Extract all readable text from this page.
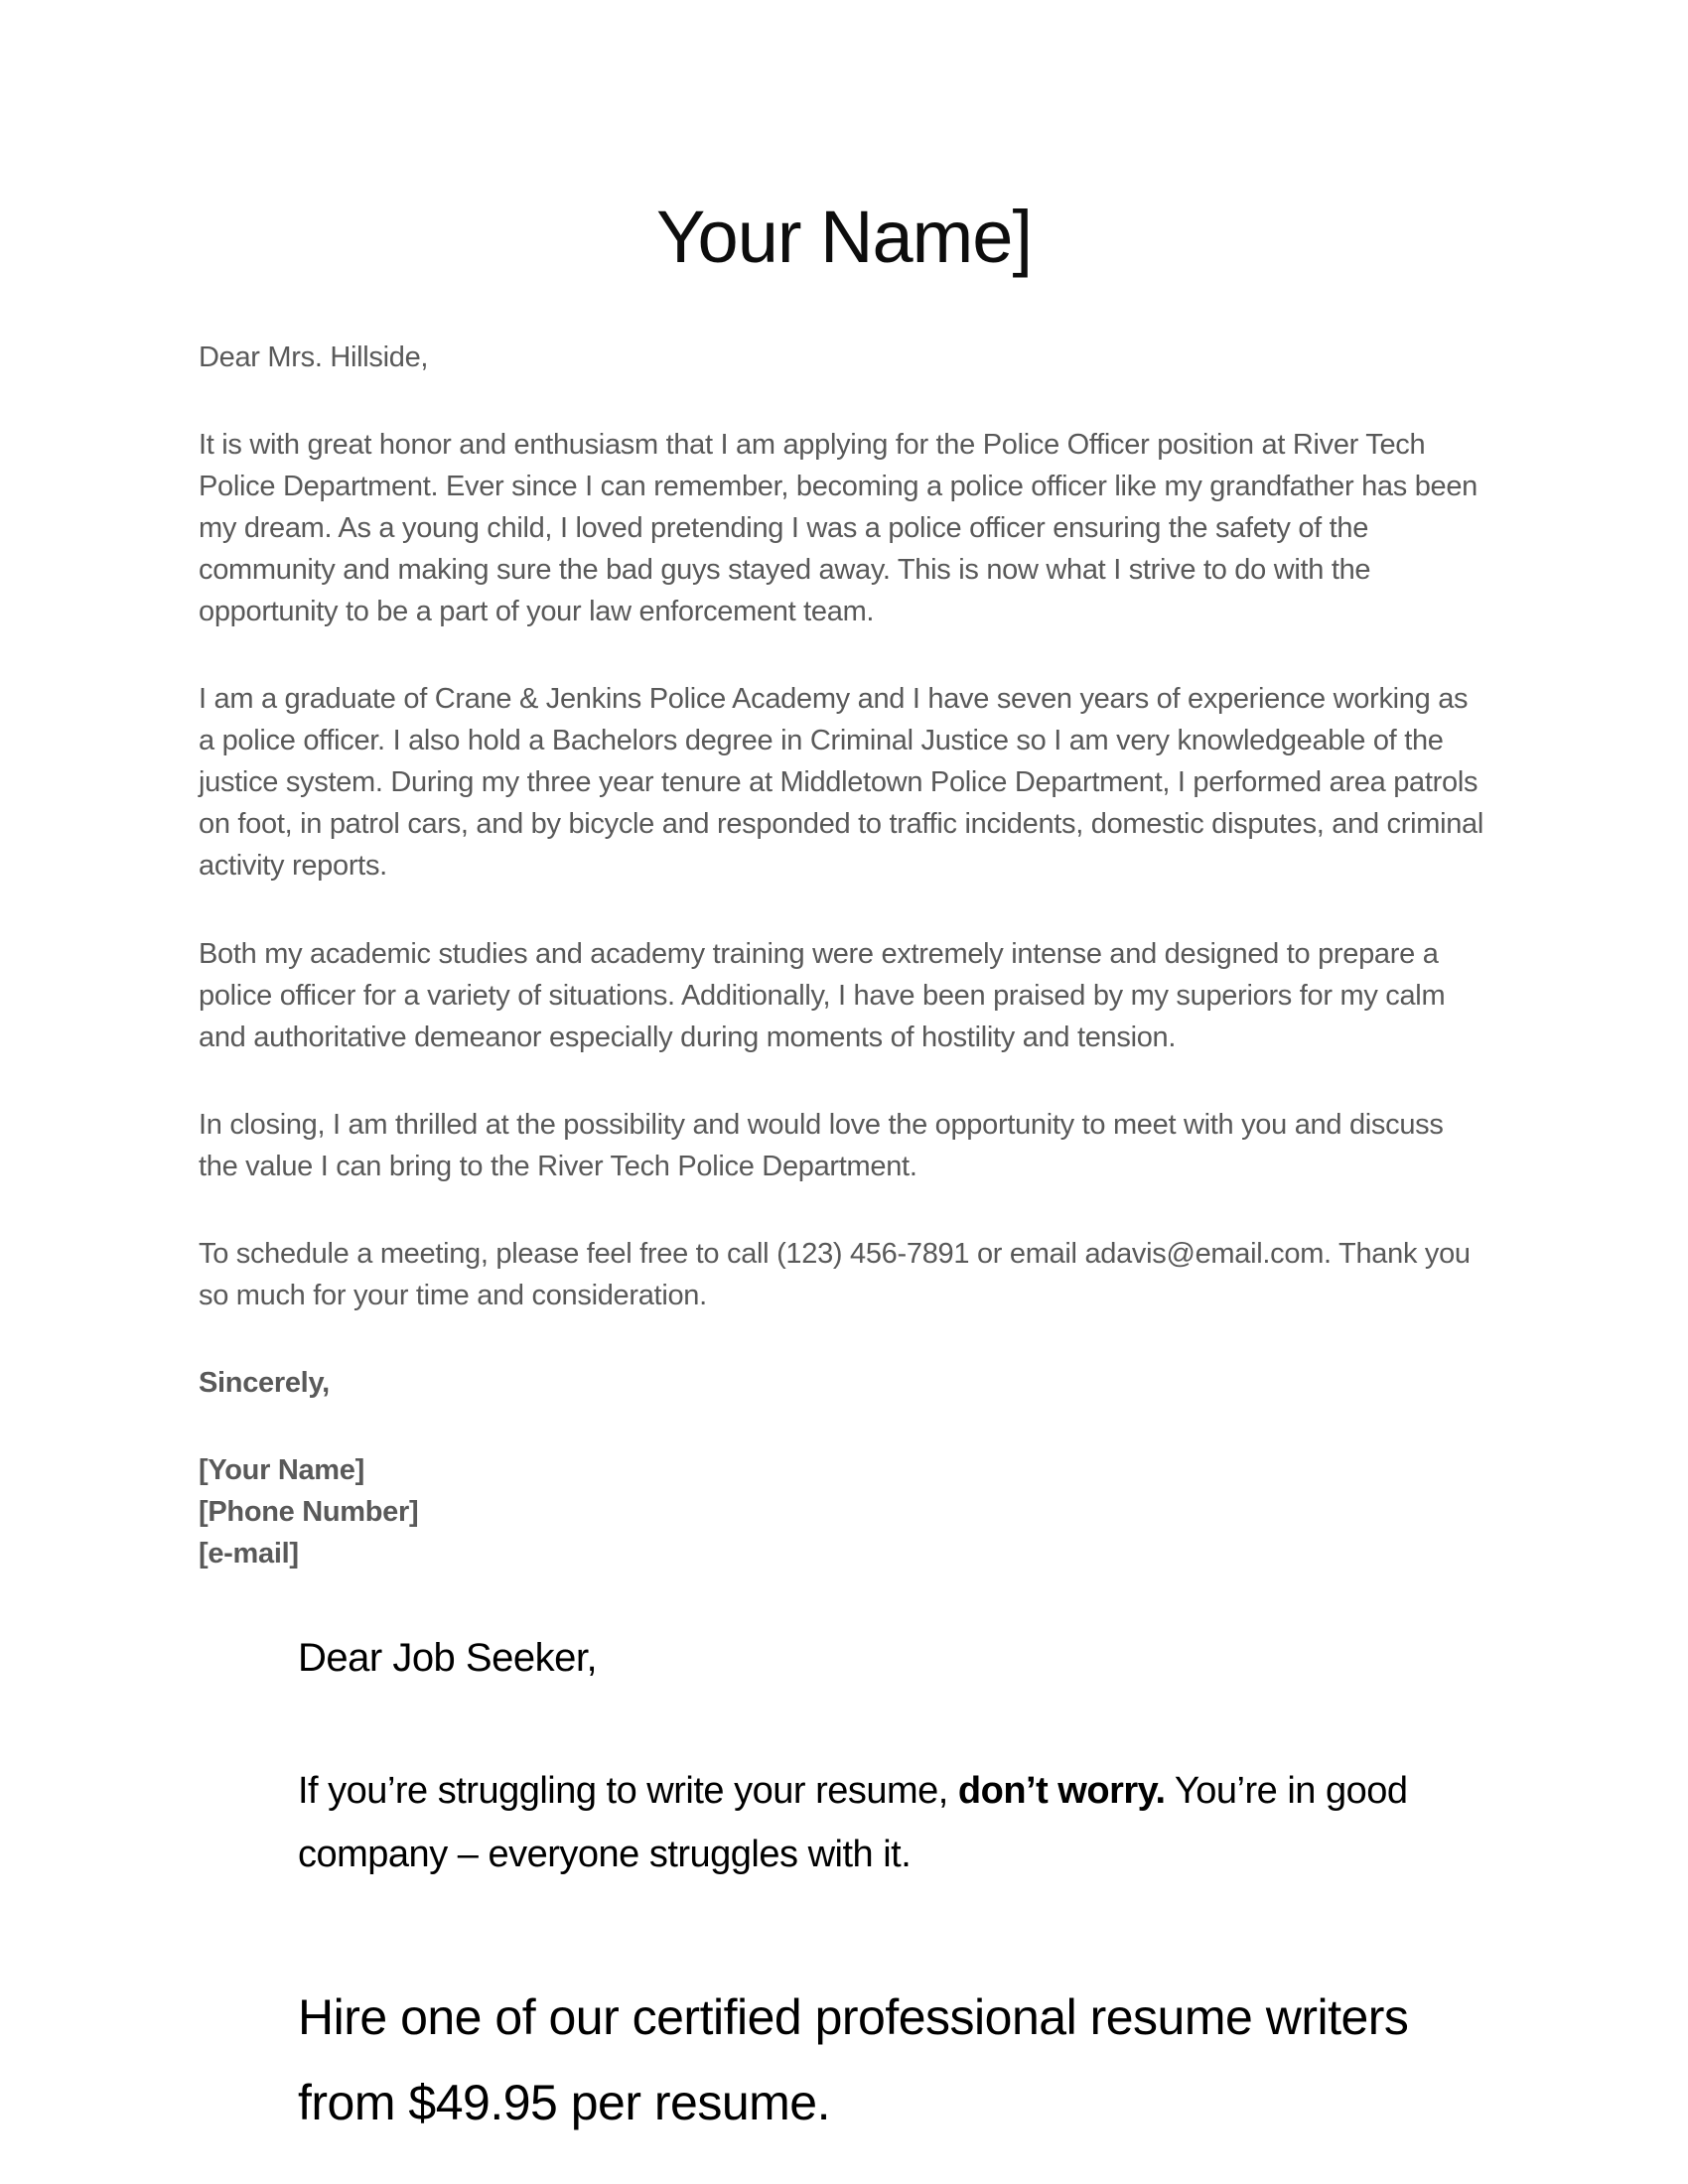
Your Name]

Dear Mrs. Hillside,

It is with great honor and enthusiasm that I am applying for the Police Officer position at River Tech Police Department. Ever since I can remember, becoming a police officer like my grandfather has been my dream. As a young child, I loved pretending I was a police officer ensuring the safety of the community and making sure the bad guys stayed away. This is now what I strive to do with the opportunity to be a part of your law enforcement team.

I am a graduate of Crane & Jenkins Police Academy and I have seven years of experience working as a police officer. I also hold a Bachelors degree in Criminal Justice so I am very knowledgeable of the justice system. During my three year tenure at Middletown Police Department, I performed area patrols on foot, in patrol cars, and by bicycle and responded to traffic incidents, domestic disputes, and criminal activity reports.

Both my academic studies and academy training were extremely intense and designed to prepare a police officer for a variety of situations. Additionally, I have been praised by my superiors for my calm and authoritative demeanor especially during moments of hostility and tension.

In closing, I am thrilled at the possibility and would love the opportunity to meet with you and discuss the value I can bring to the River Tech Police Department.

To schedule a meeting, please feel free to call (123) 456-7891 or email adavis@email.com. Thank you so much for your time and consideration.

Sincerely,

[Your Name]

[Phone Number]

[e-mail]

Dear Job Seeker,

If you’re struggling to write your resume, don’t worry. You’re in good company – everyone struggles with it.

Hire one of our certified professional resume writers from $49.95 per resume.
